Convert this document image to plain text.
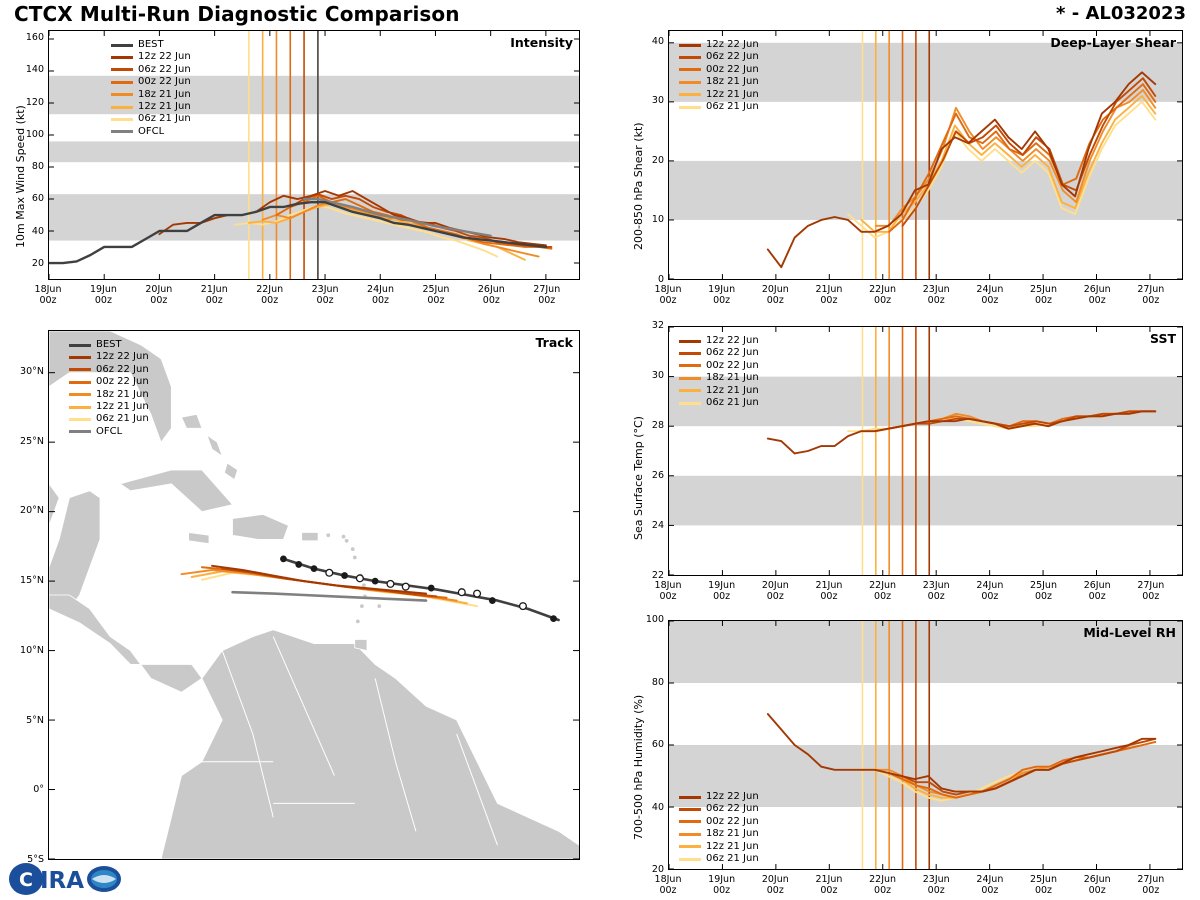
CTCX Multi-Run Diagnostic Comparison	* - AL032023
Intensity
BEST
12z 22 Jun
06z 22 Jun
00z 22 Jun
18z 21 Jun
12z 21 Jun
06z 21 Jun
OFCL
10m Max Wind Speed (kt)
20
40
60
80
100
120
140
160
18Jun
00z
19Jun
00z
20Jun
00z
21Jun
00z
22Jun
00z
23Jun
00z
24Jun
00z
25Jun
00z
26Jun
00z
27Jun
00z
Track
BEST
12z 22 Jun
06z 22 Jun
00z 22 Jun
18z 21 Jun
12z 21 Jun
06z 21 Jun
OFCL
5°S
0°
5°N
10°N
15°N
20°N
25°N
30°N
Deep-Layer Shear
12z 22 Jun
06z 22 Jun
00z 22 Jun
18z 21 Jun
12z 21 Jun
06z 21 Jun
200-850 hPa Shear (kt)
0
10
20
30
40
18Jun
00z
19Jun
00z
20Jun
00z
21Jun
00z
22Jun
00z
23Jun
00z
24Jun
00z
25Jun
00z
26Jun
00z
27Jun
00z
SST
12z 22 Jun
06z 22 Jun
00z 22 Jun
18z 21 Jun
12z 21 Jun
06z 21 Jun
Sea Surface Temp (°C)
22
24
26
28
30
32
18Jun
00z
19Jun
00z
20Jun
00z
21Jun
00z
22Jun
00z
23Jun
00z
24Jun
00z
25Jun
00z
26Jun
00z
27Jun
00z
Mid-Level RH
12z 22 Jun
06z 22 Jun
00z 22 Jun
18z 21 Jun
12z 21 Jun
06z 21 Jun
700-500 hPa Humidity (%)
20
40
60
80
100
18Jun
00z
19Jun
00z
20Jun
00z
21Jun
00z
22Jun
00z
23Jun
00z
24Jun
00z
25Jun
00z
26Jun
00z
27Jun
00z
C IRA
